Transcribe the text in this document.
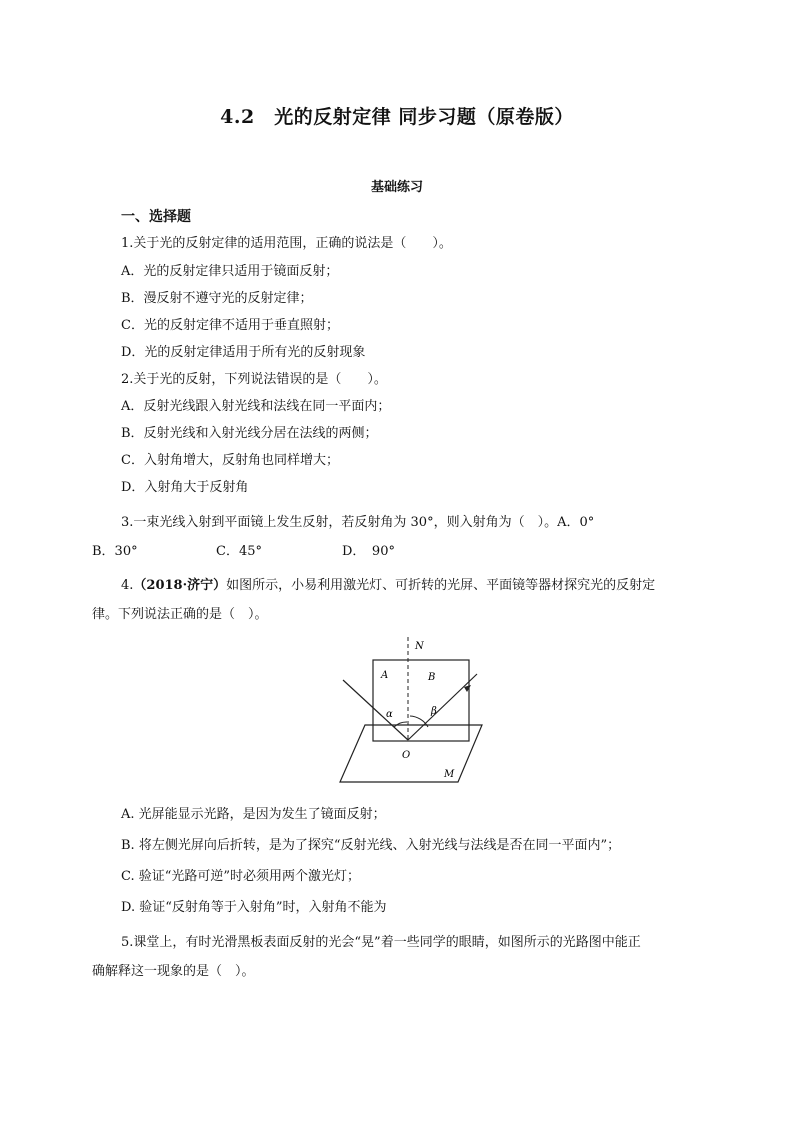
4.2　光的反射定律 同步习题（原卷版）
基础练习
一、选择题
1.关于光的反射定律的适用范围，正确的说法是（　　）。
A．光的反射定律只适用于镜面反射；
B．漫反射不遵守光的反射定律；
C．光的反射定律不适用于垂直照射；
D．光的反射定律适用于所有光的反射现象
2.关于光的反射，下列说法错误的是（　　）。
A．反射光线跟入射光线和法线在同一平面内；
B．反射光线和入射光线分居在法线的两侧；
C．入射角增大，反射角也同样增大；
D．入射角大于反射角
3.一束光线入射到平面镜上发生反射，若反射角为 30°，则入射角为（　）。A．0°
B．30°	C．45°	D．　90°
4.（2018·济宁）如图所示，小易利用激光灯、可折转的光屏、平面镜等器材探究光的反射定
律。下列说法正确的是（　）。
N
A	B
α	β
O
M
A. 光屏能显示光路，是因为发生了镜面反射；
B. 将左侧光屏向后折转，是为了探究“反射光线、入射光线与法线是否在同一平面内”；
C. 验证“光路可逆”时必须用两个激光灯；
D. 验证“反射角等于入射角”时，入射角不能为
5.课堂上，有时光滑黑板表面反射的光会“晃”着一些同学的眼睛，如图所示的光路图中能正
确解释这一现象的是（　）。
